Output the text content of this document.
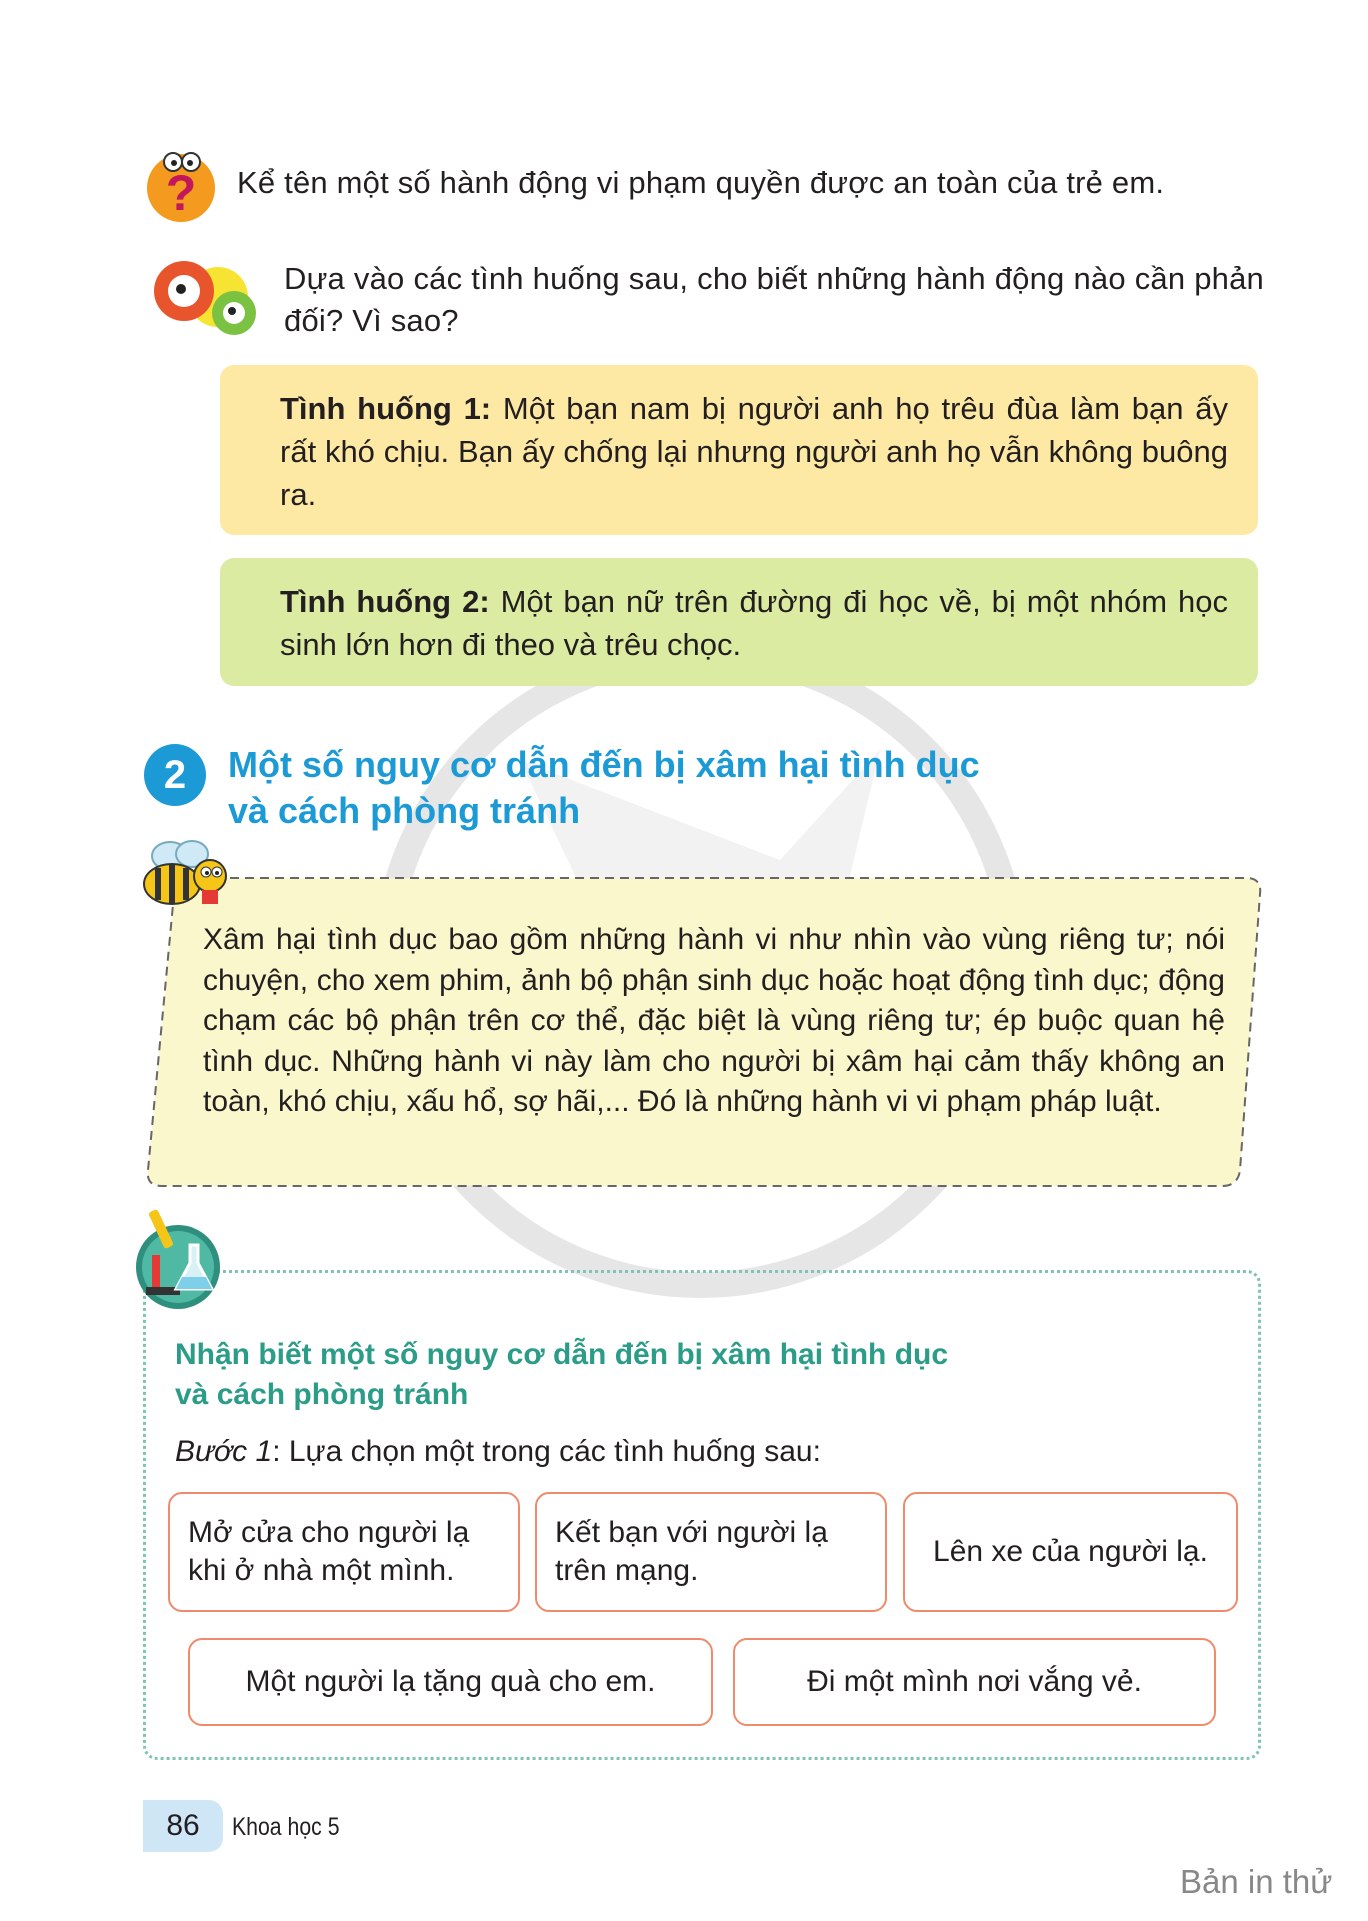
? Kể tên một số hành động vi phạm quyền được an toàn của trẻ em.
Dựa vào các tình huống sau, cho biết những hành động nào cần phản đối? Vì sao?
Tình huống 1: Một bạn nam bị người anh họ trêu đùa làm bạn ấy rất khó chịu. Bạn ấy chống lại nhưng người anh họ vẫn không buông ra.
Tình huống 2: Một bạn nữ trên đường đi học về, bị một nhóm học sinh lớn hơn đi theo và trêu chọc.
2	Một số nguy cơ dẫn đến bị xâm hại tình dục
và cách phòng tránh
Xâm hại tình dục bao gồm những hành vi như nhìn vào vùng riêng tư; nói chuyện, cho xem phim, ảnh bộ phận sinh dục hoặc hoạt động tình dục; động chạm các bộ phận trên cơ thể, đặc biệt là vùng riêng tư; ép buộc quan hệ tình dục. Những hành vi này làm cho người bị xâm hại cảm thấy không an toàn, khó chịu, xấu hổ, sợ hãi,... Đó là những hành vi vi phạm pháp luật.
Nhận biết một số nguy cơ dẫn đến bị xâm hại tình dục
và cách phòng tránh
Bước 1: Lựa chọn một trong các tình huống sau:
Mở cửa cho người lạ khi ở nhà một mình.
Kết bạn với người lạ trên mạng.
Lên xe của người lạ.
Một người lạ tặng quà cho em.	Đi một mình nơi vắng vẻ.
86	Khoa học 5
Bản in thử
